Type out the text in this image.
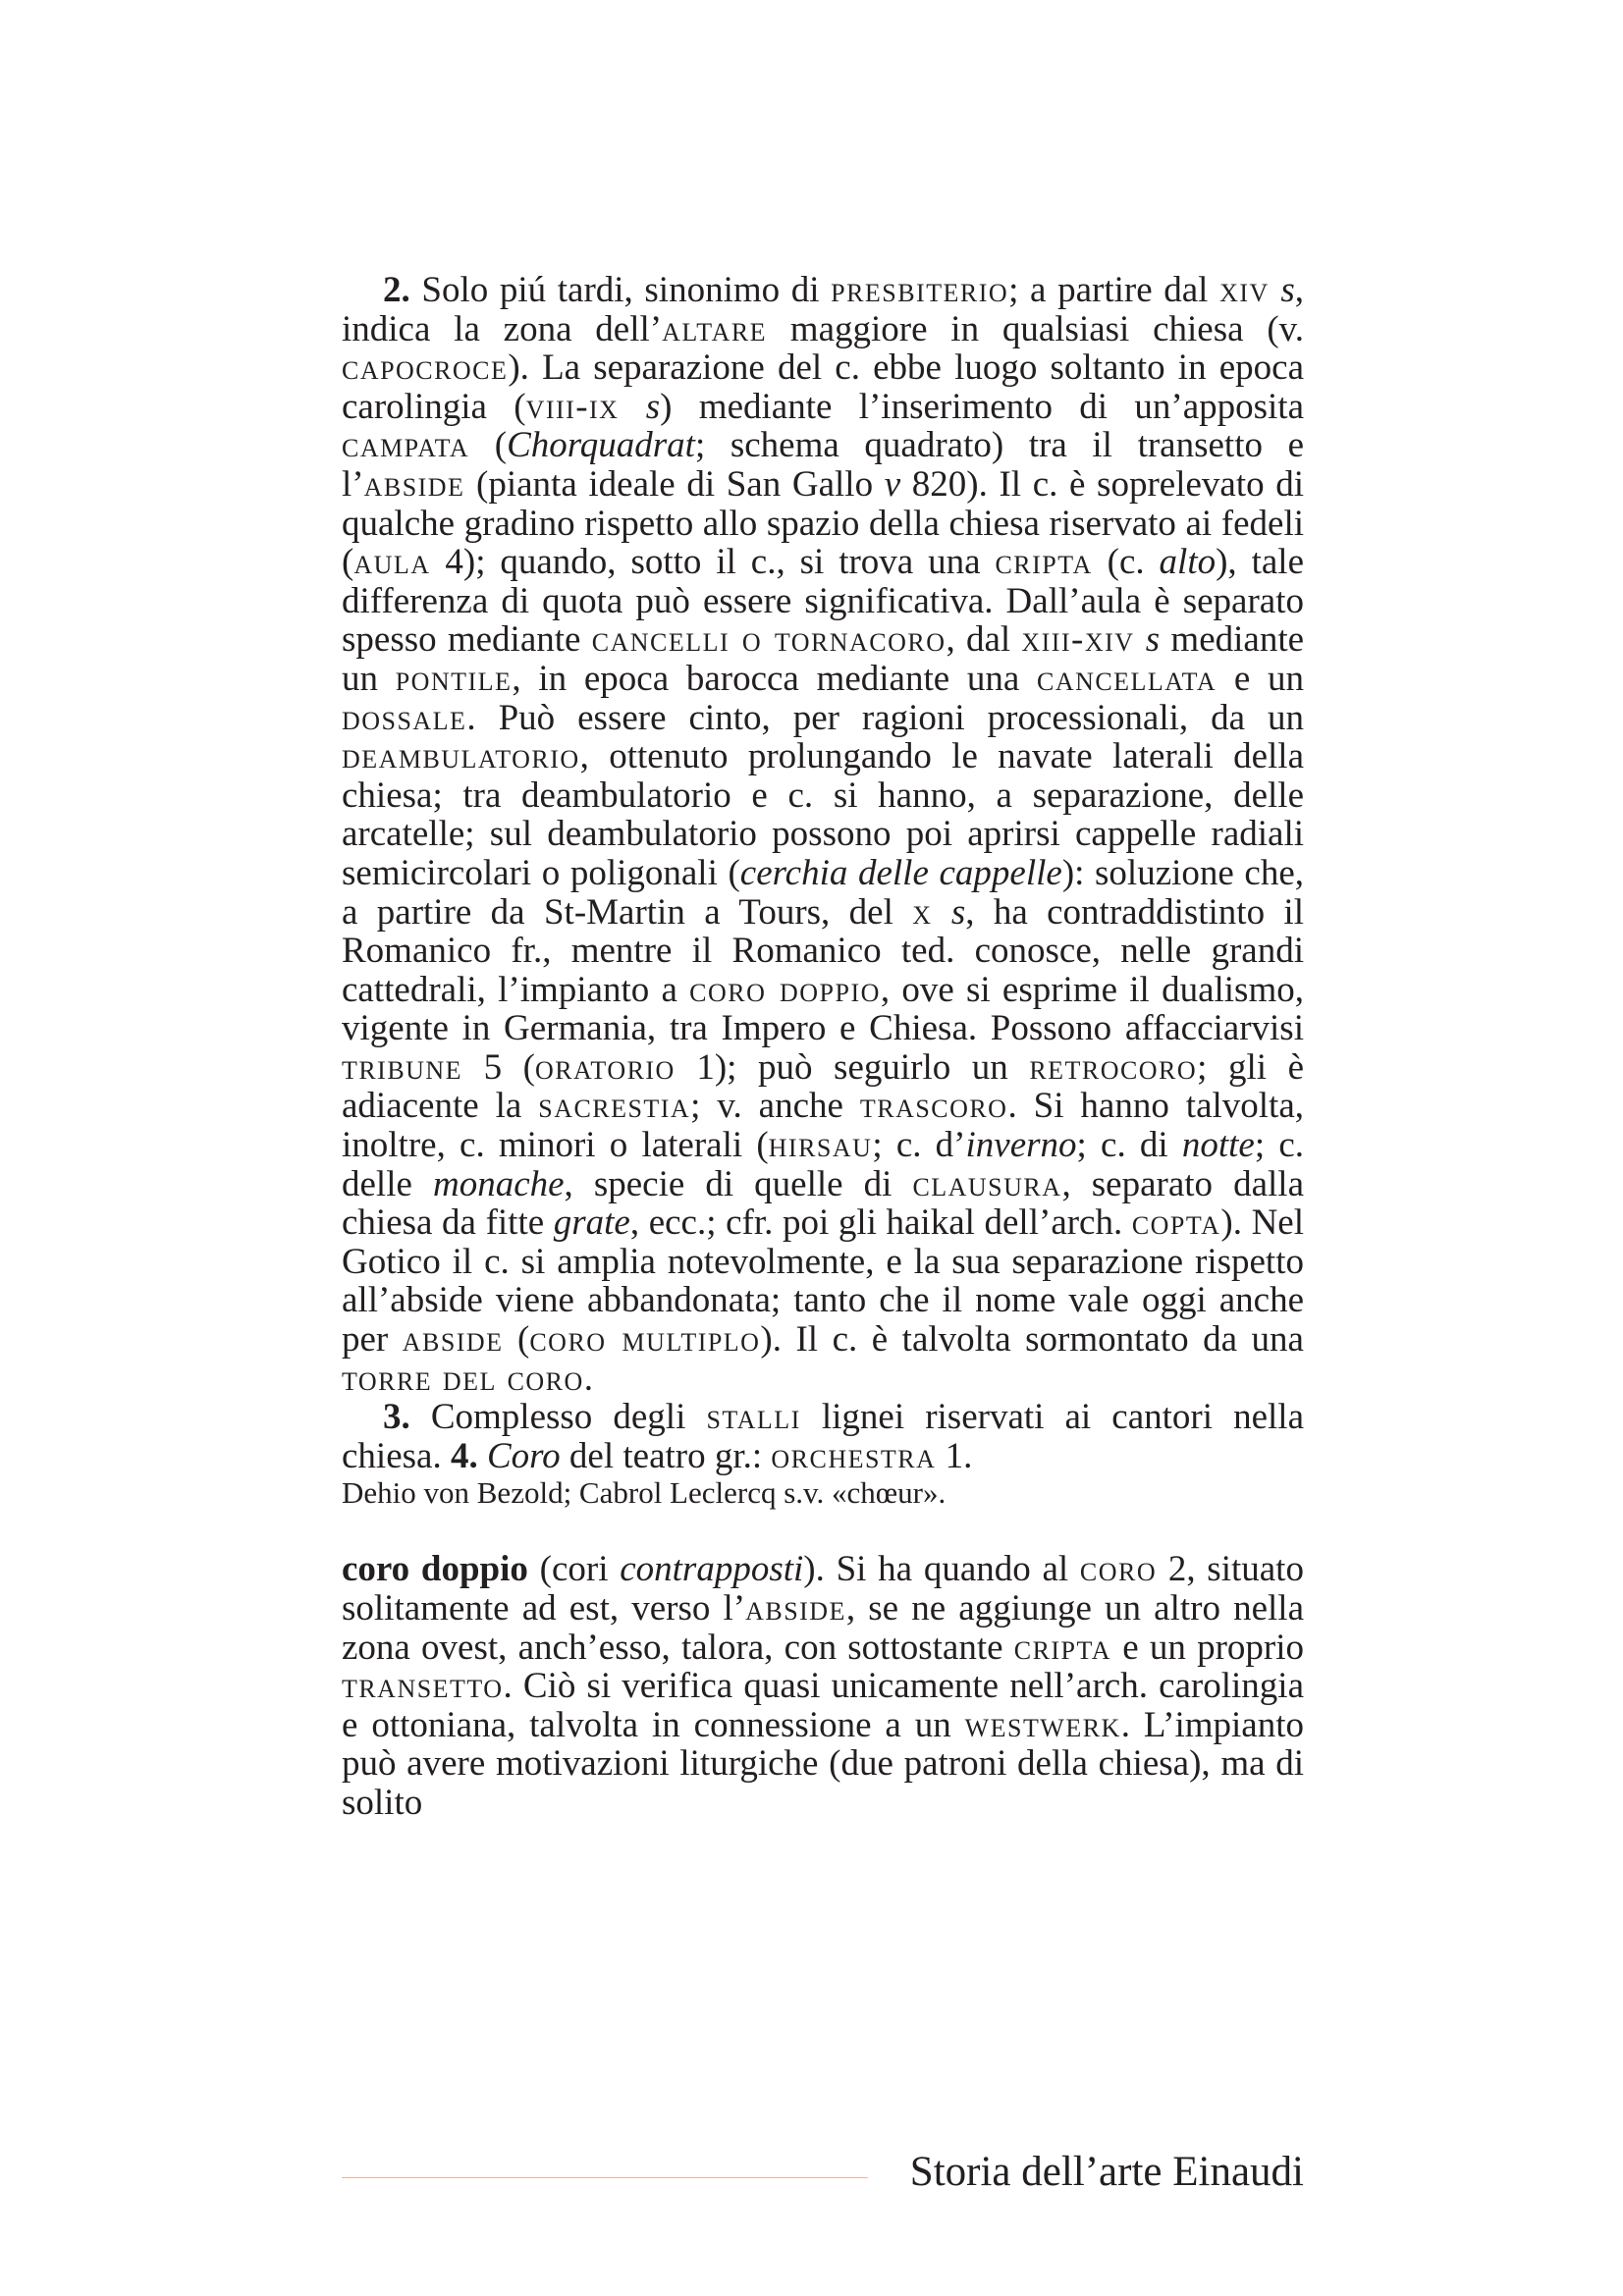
2. Solo piú tardi, sinonimo di presbiterio; a partire dal xiv s, indica la zona dell’altare maggiore in qualsiasi chiesa (v. capocroce). La separazione del c. ebbe luogo soltanto in epoca carolingia (viii-ix s) mediante l’inserimento di un’apposita campata (Chorquadrat; schema quadrato) tra il transetto e l’abside (pianta ideale di San Gallo v 820). Il c. è soprelevato di qualche gradino rispetto allo spazio della chiesa riservato ai fedeli (aula 4); quando, sotto il c., si trova una cripta (c. alto), tale differenza di quota può essere significativa. Dall’aula è separato spesso mediante cancelli o tornacoro, dal xiii-xiv s mediante un pontile, in epoca barocca mediante una cancellata e un dossale. Può essere cinto, per ragioni processionali, da un deambulatorio, ottenuto prolungando le navate laterali della chiesa; tra deambulatorio e c. si hanno, a separazione, delle arcatelle; sul deambulatorio possono poi aprirsi cappelle radiali semicircolari o poligonali (cerchia delle cappelle): soluzione che, a partire da St-Martin a Tours, del x s, ha contraddistinto il Romanico fr., mentre il Romanico ted. conosce, nelle grandi cattedrali, l’impianto a coro doppio, ove si esprime il dualismo, vigente in Germania, tra Impero e Chiesa. Possono affacciarvisi tribune 5 (oratorio 1); può seguirlo un retrocoro; gli è adiacente la sacrestia; v. anche trascoro. Si hanno talvolta, inoltre, c. minori o laterali (hirsau; c. d’inverno; c. di notte; c. delle monache, specie di quelle di clausura, separato dalla chiesa da fitte grate, ecc.; cfr. poi gli haikal dell’arch. copta). Nel Gotico il c. si amplia notevolmente, e la sua separazione rispetto all’abside viene abbandonata; tanto che il nome vale oggi anche per abside (coro multiplo). Il c. è talvolta sormontato da una torre del coro.

3. Complesso degli stalli lignei riservati ai cantori nella chiesa. 4. Coro del teatro gr.: orchestra 1.

Dehio von Bezold; Cabrol Leclercq s.v. «chœur».

coro doppio (cori contrapposti). Si ha quando al coro 2, situato solitamente ad est, verso l’abside, se ne aggiunge un altro nella zona ovest, anch’esso, talora, con sottostante cripta e un proprio transetto. Ciò si verifica quasi unicamente nell’arch. carolingia e ottoniana, talvolta in connessione a un westwerk. L’impianto può avere motivazioni liturgiche (due patroni della chiesa), ma di solito

Storia dell’arte Einaudi
